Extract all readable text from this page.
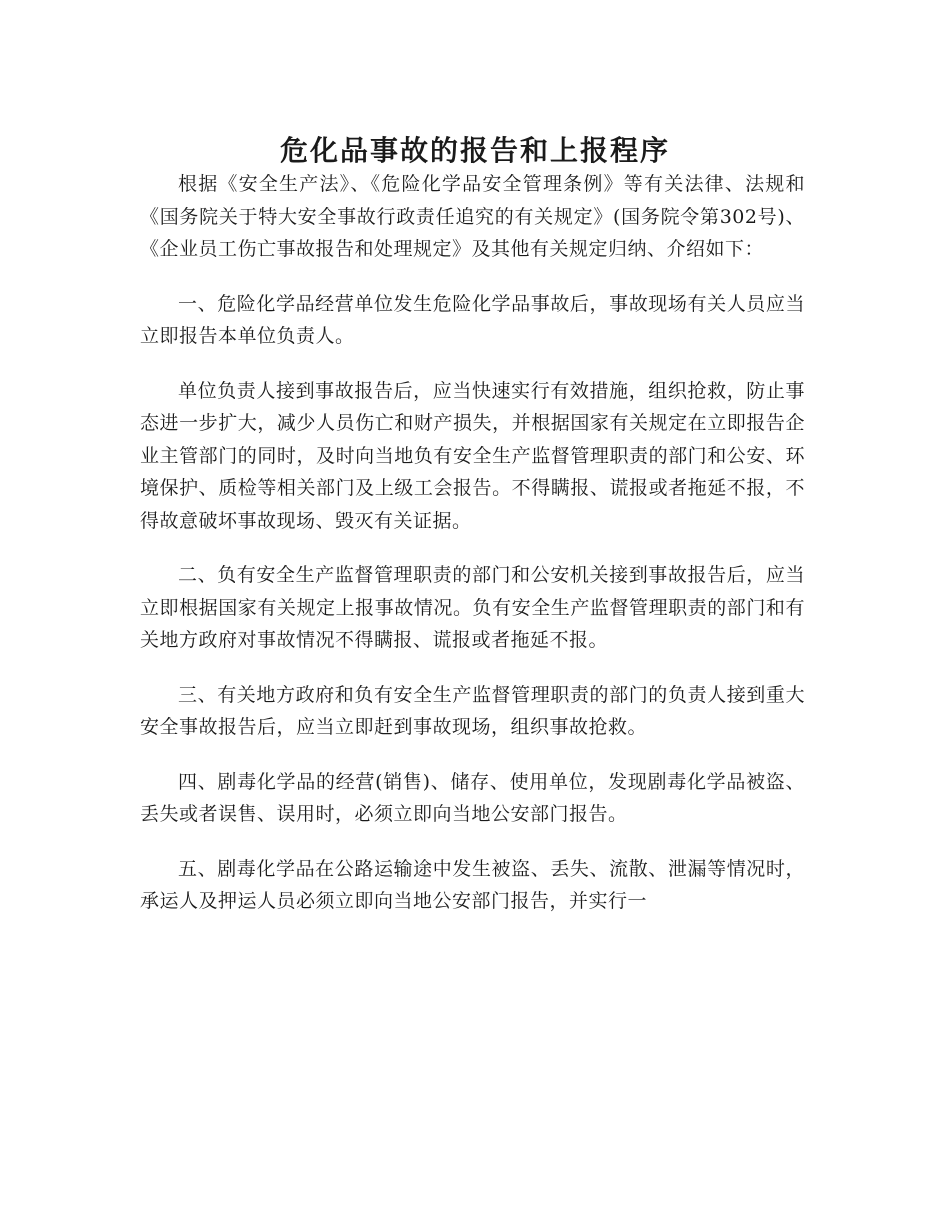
危化品事故的报告和上报程序

根据《安全生产法》、《危险化学品安全管理条例》等有关法律、法规和《国务院关于特大安全事故行政责任追究的有关规定》(国务院令第302号)、《企业员工伤亡事故报告和处理规定》及其他有关规定归纳、介绍如下：

一、危险化学品经营单位发生危险化学品事故后，事故现场有关人员应当立即报告本单位负责人。

单位负责人接到事故报告后，应当快速实行有效措施，组织抢救，防止事态进一步扩大，减少人员伤亡和财产损失，并根据国家有关规定在立即报告企业主管部门的同时，及时向当地负有安全生产监督管理职责的部门和公安、环境保护、质检等相关部门及上级工会报告。不得瞒报、谎报或者拖延不报，不得故意破坏事故现场、毁灭有关证据。

二、负有安全生产监督管理职责的部门和公安机关接到事故报告后，应当立即根据国家有关规定上报事故情况。负有安全生产监督管理职责的部门和有关地方政府对事故情况不得瞒报、谎报或者拖延不报。

三、有关地方政府和负有安全生产监督管理职责的部门的负责人接到重大安全事故报告后，应当立即赶到事故现场，组织事故抢救。

四、剧毒化学品的经营(销售)、储存、使用单位，发现剧毒化学品被盗、丢失或者误售、误用时，必须立即向当地公安部门报告。

五、剧毒化学品在公路运输途中发生被盗、丢失、流散、泄漏等情况时，承运人及押运人员必须立即向当地公安部门报告，并实行一
